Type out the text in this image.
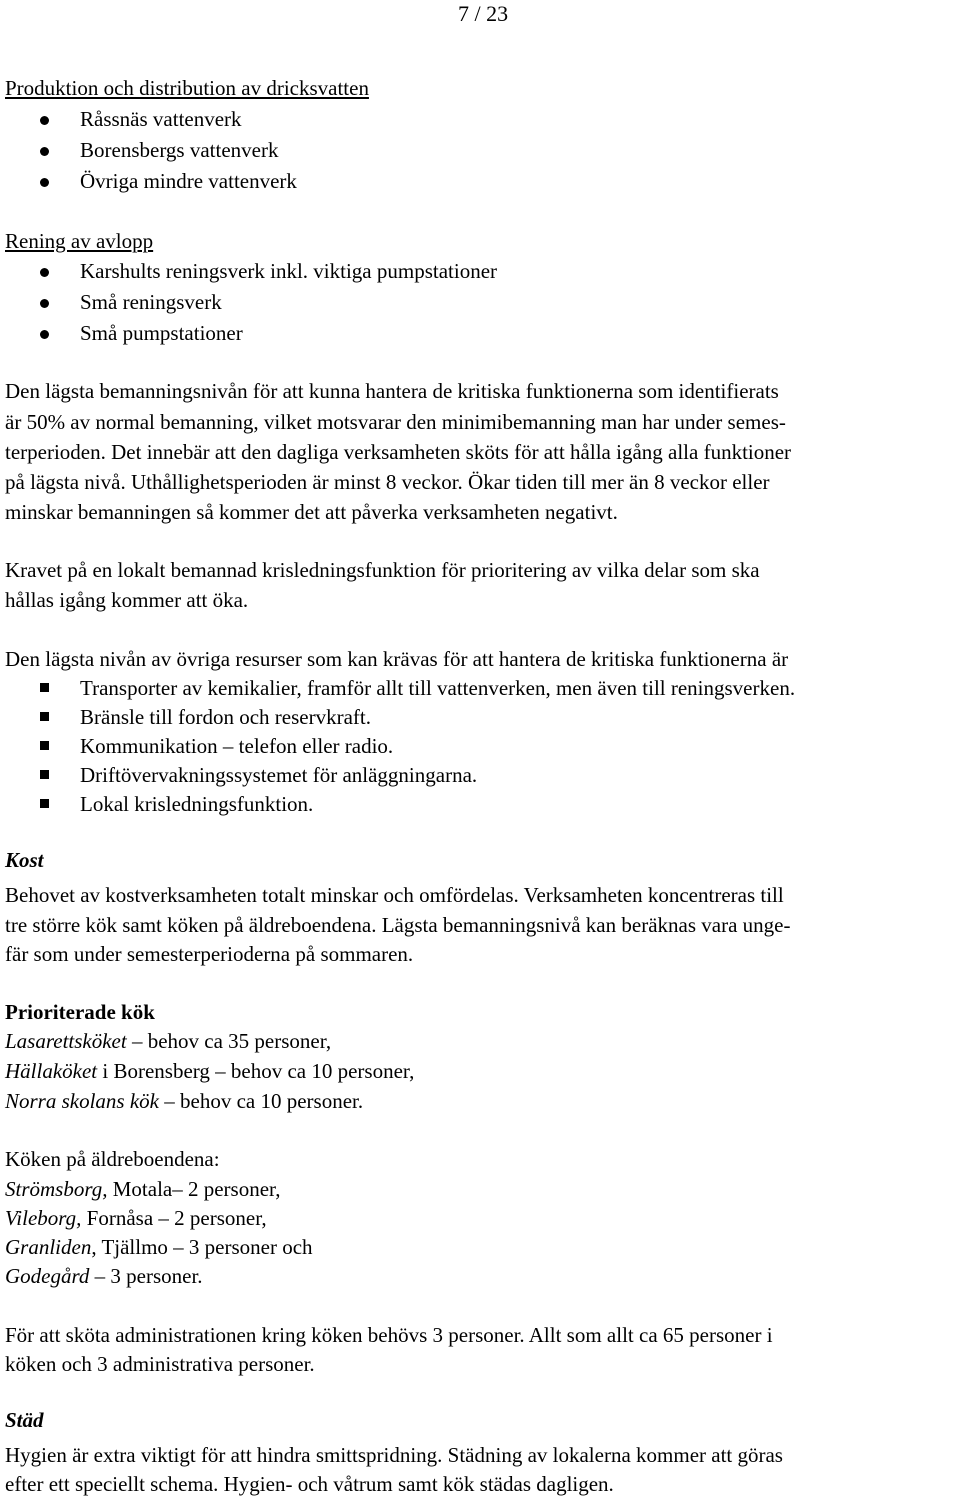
7 / 23
Produktion och distribution av dricksvatten
Råssnäs vattenverk
Borensbergs vattenverk
Övriga mindre vattenverk
Rening av avlopp
Karshults reningsverk inkl. viktiga pumpstationer
Små reningsverk
Små pumpstationer
Den lägsta bemanningsnivån för att kunna hantera de kritiska funktionerna som identifierats
är 50% av normal bemanning, vilket motsvarar den minimibemanning man har under semes-
terperioden. Det innebär att den dagliga verksamheten sköts för att hålla igång alla funktioner
på lägsta nivå. Uthållighetsperioden är minst 8 veckor. Ökar tiden till mer än 8 veckor eller
minskar bemanningen så kommer det att påverka verksamheten negativt.
Kravet på en lokalt bemannad krisledningsfunktion för prioritering av vilka delar som ska
hållas igång kommer att öka.
Den lägsta nivån av övriga resurser som kan krävas för att hantera de kritiska funktionerna är
Transporter av kemikalier, framför allt till vattenverken, men även till reningsverken.
Bränsle till fordon och reservkraft.
Kommunikation – telefon eller radio.
Driftövervakningssystemet för anläggningarna.
Lokal krisledningsfunktion.
Kost
Behovet av kostverksamheten totalt minskar och omfördelas. Verksamheten koncentreras till
tre större kök samt köken på äldreboendena. Lägsta bemanningsnivå kan beräknas vara unge-
fär som under semesterperioderna på sommaren.
Prioriterade kök
Lasarettsköket – behov ca 35 personer,
Hällaköket i Borensberg – behov ca 10 personer,
Norra skolans kök – behov ca 10 personer.
Köken på äldreboendena:
Strömsborg, Motala– 2 personer,
Vileborg, Fornåsa – 2 personer,
Granliden, Tjällmo – 3 personer och
Godegård – 3 personer.
För att sköta administrationen kring köken behövs 3 personer. Allt som allt ca 65 personer i
köken och 3 administrativa personer.
Städ
Hygien är extra viktigt för att hindra smittspridning. Städning av lokalerna kommer att göras
efter ett speciellt schema. Hygien- och våtrum samt kök städas dagligen.
